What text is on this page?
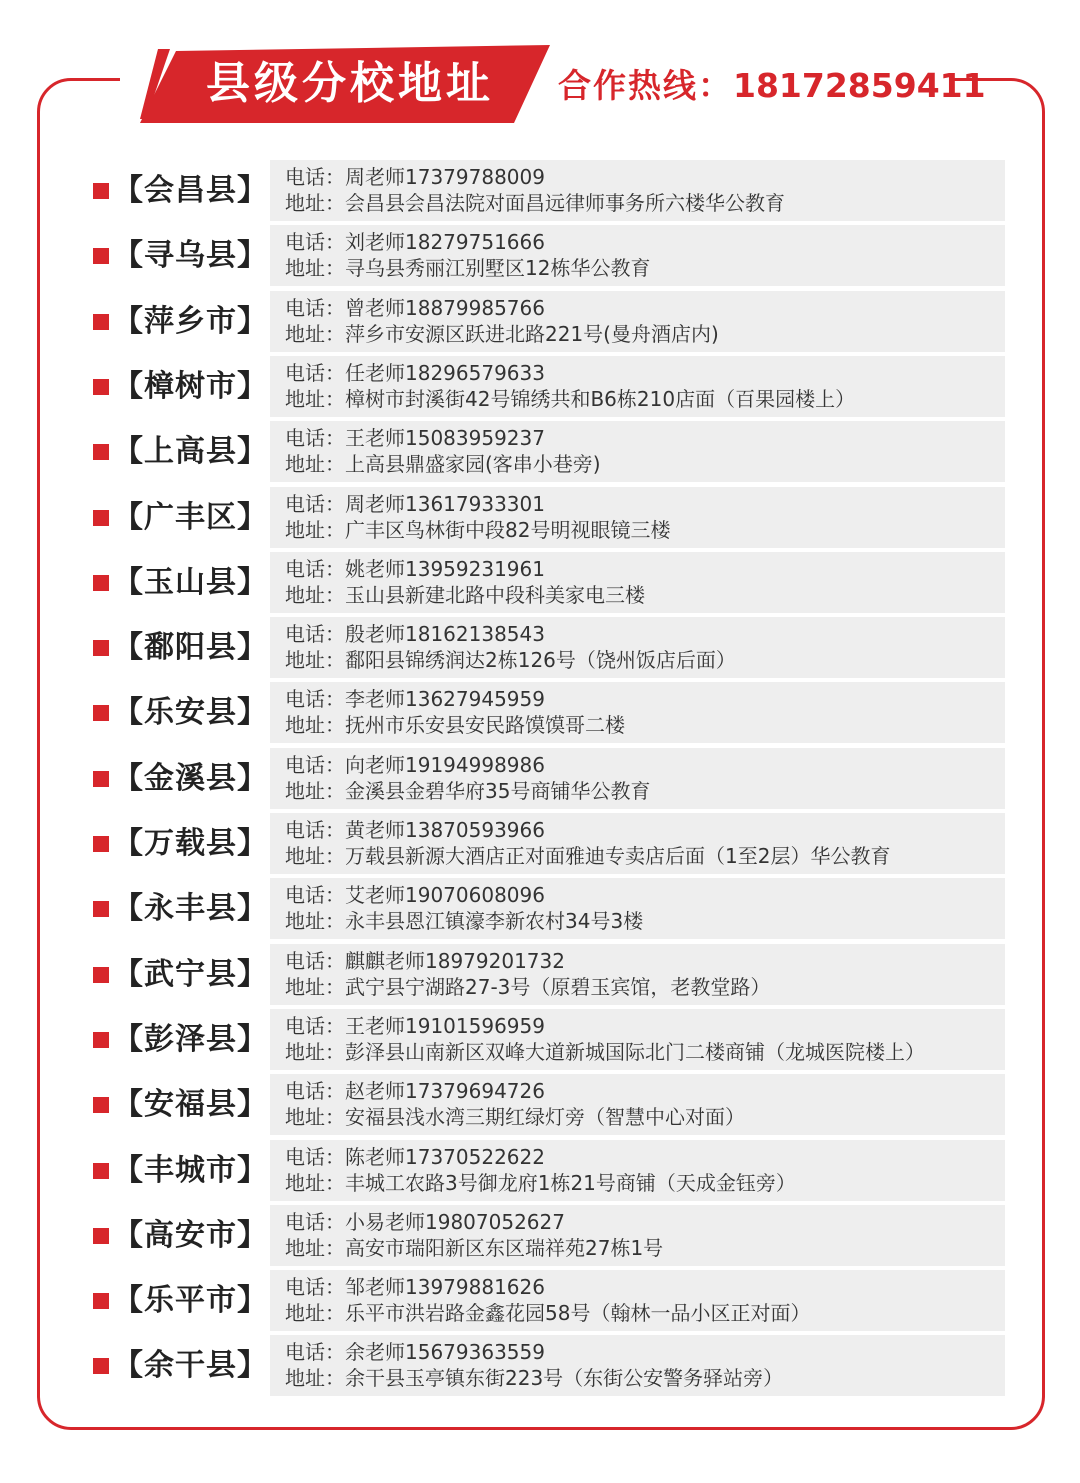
县级分校地址	合作热线：18172859411
【会昌县】 电话：周老师17379788009
地址：会昌县会昌法院对面昌远律师事务所六楼华公教育
【寻乌县】 电话：刘老师18279751666
地址：寻乌县秀丽江别墅区12栋华公教育
【萍乡市】 电话：曾老师18879985766
地址：萍乡市安源区跃进北路221号(曼舟酒店内)
【樟树市】 电话：任老师18296579633
地址：樟树市封溪街42号锦绣共和B6栋210店面（百果园楼上）
【上高县】 电话：王老师15083959237
地址：上高县鼎盛家园(客串小巷旁)
【广丰区】 电话：周老师13617933301
地址：广丰区鸟林街中段82号明视眼镜三楼
【玉山县】 电话：姚老师13959231961
地址：玉山县新建北路中段科美家电三楼
【鄱阳县】 电话：殷老师18162138543
地址：鄱阳县锦绣润达2栋126号（饶州饭店后面）
【乐安县】 电话：李老师13627945959
地址：抚州市乐安县安民路馍馍哥二楼
【金溪县】 电话：向老师19194998986
地址：金溪县金碧华府35号商铺华公教育
【万载县】 电话：黄老师13870593966
地址：万载县新源大酒店正对面雅迪专卖店后面（1至2层）华公教育
【永丰县】 电话：艾老师19070608096
地址：永丰县恩江镇濠李新农村34号3楼
【武宁县】 电话：麒麒老师18979201732
地址：武宁县宁湖路27-3号（原碧玉宾馆，老教堂路）
【彭泽县】 电话：王老师19101596959
地址：彭泽县山南新区双峰大道新城国际北门二楼商铺（龙城医院楼上）
【安福县】 电话：赵老师17379694726
地址：安福县浅水湾三期红绿灯旁（智慧中心对面）
【丰城市】 电话：陈老师17370522622
地址：丰城工农路3号御龙府1栋21号商铺（天成金钰旁）
【高安市】 电话：小易老师19807052627
地址：高安市瑞阳新区东区瑞祥苑27栋1号
【乐平市】 电话：邹老师13979881626
地址：乐平市洪岩路金鑫花园58号（翰林一品小区正对面）
【余干县】 电话：余老师15679363559
地址：余干县玉亭镇东街223号（东街公安警务驿站旁）
